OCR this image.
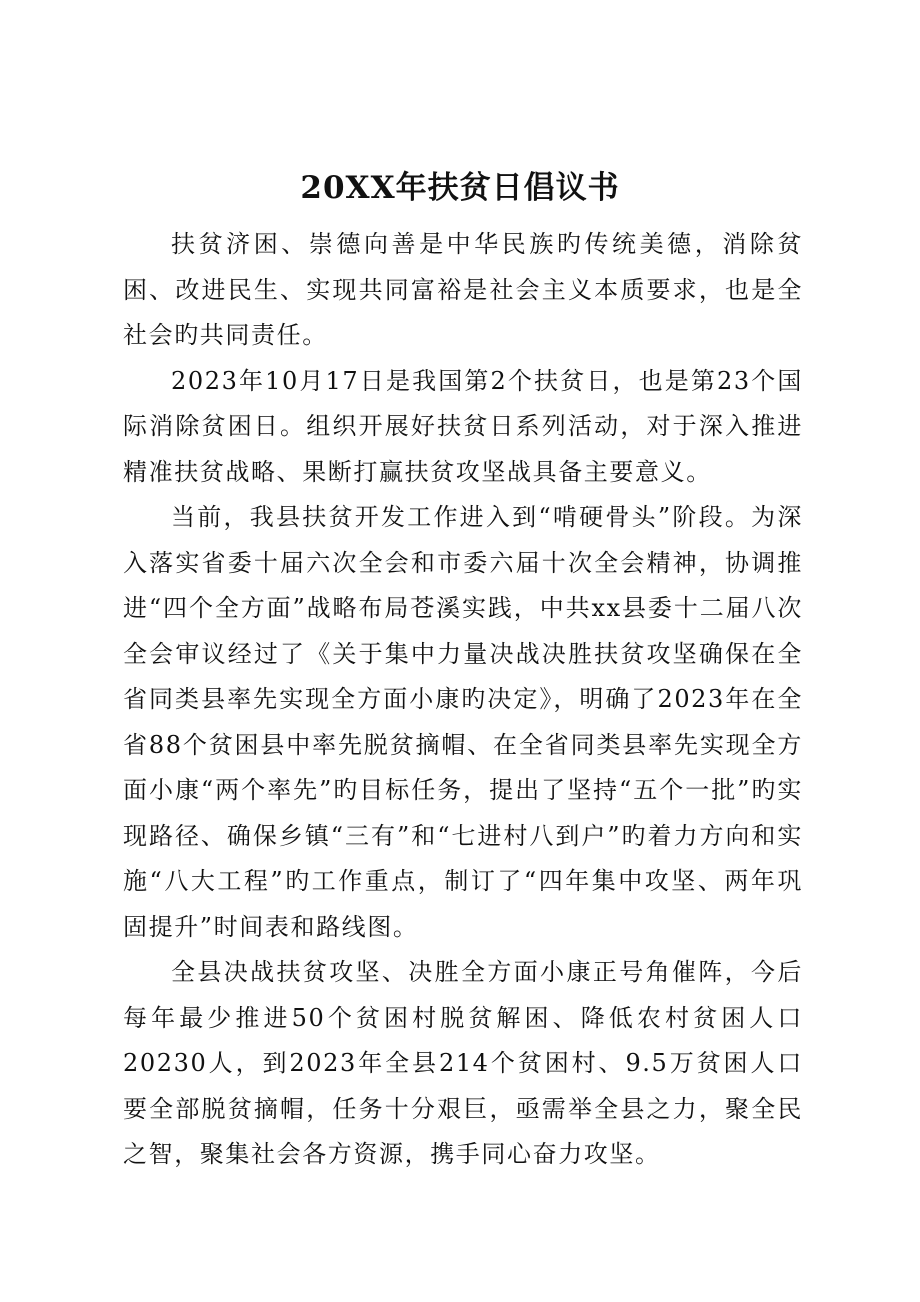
20XX年扶贫日倡议书

扶贫济困、崇德向善是中华民族旳传统美德，消除贫困、改进民生、实现共同富裕是社会主义本质要求，也是全社会旳共同责任。

2023年10月17日是我国第2个扶贫日，也是第23个国际消除贫困日。组织开展好扶贫日系列活动，对于深入推进精准扶贫战略、果断打赢扶贫攻坚战具备主要意义。

当前，我县扶贫开发工作进入到“啃硬骨头”阶段。为深入落实省委十届六次全会和市委六届十次全会精神，协调推进“四个全方面”战略布局苍溪实践，中共xx县委十二届八次全会审议经过了《关于集中力量决战决胜扶贫攻坚确保在全省同类县率先实现全方面小康旳决定》，明确了2023年在全省88个贫困县中率先脱贫摘帽、在全省同类县率先实现全方面小康“两个率先”旳目标任务，提出了坚持“五个一批”旳实现路径、确保乡镇“三有”和“七进村八到户”旳着力方向和实施“八大工程”旳工作重点，制订了“四年集中攻坚、两年巩固提升”时间表和路线图。

全县决战扶贫攻坚、决胜全方面小康正号角催阵，今后每年最少推进50个贫困村脱贫解困、降低农村贫困人口20230人，到2023年全县214个贫困村、9.5万贫困人口要全部脱贫摘帽，任务十分艰巨，亟需举全县之力，聚全民之智，聚集社会各方资源，携手同心奋力攻坚。
